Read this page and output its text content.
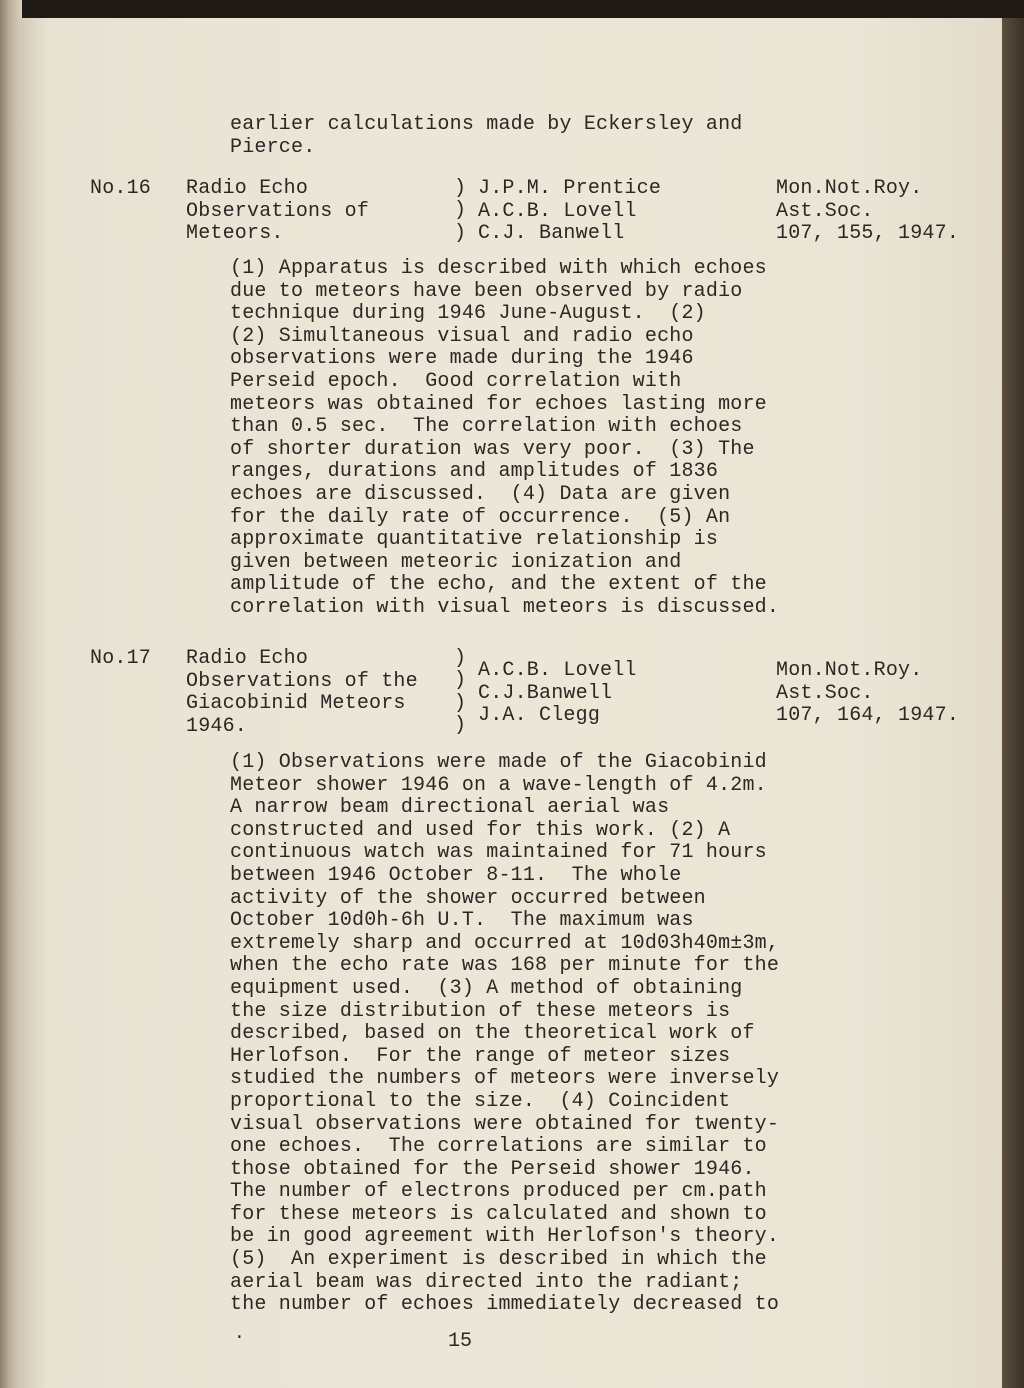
earlier calculations made by Eckersley and
Pierce.
No.16 Radio Echo
Observations of
Meteors.
)
)
)
J.P.M. Prentice
A.C.B. Lovell
C.J. Banwell
Mon.Not.Roy.
Ast.Soc.
107, 155, 1947.
(1) Apparatus is described with which echoes
due to meteors have been observed by radio
technique during 1946 June-August.  (2)
(2) Simultaneous visual and radio echo
observations were made during the 1946
Perseid epoch.  Good correlation with
meteors was obtained for echoes lasting more
than 0.5 sec.  The correlation with echoes
of shorter duration was very poor.  (3) The
ranges, durations and amplitudes of 1836
echoes are discussed.  (4) Data are given
for the daily rate of occurrence.  (5) An
approximate quantitative relationship is
given between meteoric ionization and
amplitude of the echo, and the extent of the
correlation with visual meteors is discussed.
No.17 Radio Echo
Observations of the
Giacobinid Meteors
1946.
)
)
)
)
A.C.B. Lovell
C.J.Banwell
J.A. Clegg
Mon.Not.Roy.
Ast.Soc.
107, 164, 1947.
(1) Observations were made of the Giacobinid
Meteor shower 1946 on a wave-length of 4.2m.
A narrow beam directional aerial was
constructed and used for this work. (2) A
continuous watch was maintained for 71 hours
between 1946 October 8-11.  The whole
activity of the shower occurred between
October 10d0h-6h U.T.  The maximum was
extremely sharp and occurred at 10d03h40m±3m,
when the echo rate was 168 per minute for the
equipment used.  (3) A method of obtaining
the size distribution of these meteors is
described, based on the theoretical work of
Herlofson.  For the range of meteor sizes
studied the numbers of meteors were inversely
proportional to the size.  (4) Coincident
visual observations were obtained for twenty-
one echoes.  The correlations are similar to
those obtained for the Perseid shower 1946.
The number of electrons produced per cm.path
for these meteors is calculated and shown to
be in good agreement with Herlofson's theory.
(5)  An experiment is described in which the
aerial beam was directed into the radiant;
the number of echoes immediately decreased to
.	15
